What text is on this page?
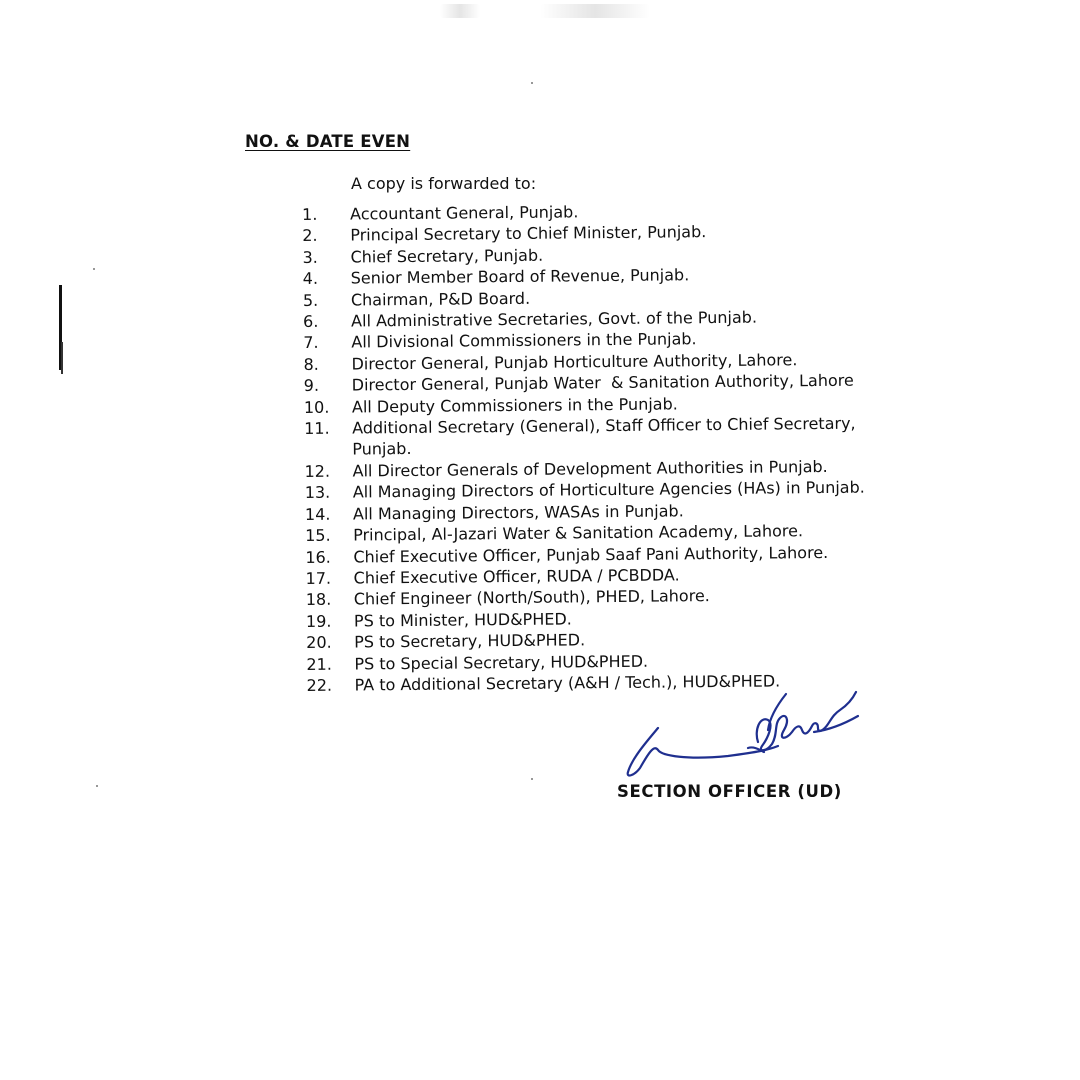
NO. & DATE EVEN
A copy is forwarded to:
1.	Accountant General, Punjab.
2.	Principal Secretary to Chief Minister, Punjab.
3.	Chief Secretary, Punjab.
4.	Senior Member Board of Revenue, Punjab.
5.	Chairman, P&D Board.
6.	All Administrative Secretaries, Govt. of the Punjab.
7.	All Divisional Commissioners in the Punjab.
8.	Director General, Punjab Horticulture Authority, Lahore.
9.	Director General, Punjab Water  & Sanitation Authority, Lahore
10.	All Deputy Commissioners in the Punjab.
11.	Additional Secretary (General), Staff Officer to Chief Secretary, Punjab.
12.	All Director Generals of Development Authorities in Punjab.
13.	All Managing Directors of Horticulture Agencies (HAs) in Punjab.
14.	All Managing Directors, WASAs in Punjab.
15.	Principal, Al-Jazari Water & Sanitation Academy, Lahore.
16.	Chief Executive Officer, Punjab Saaf Pani Authority, Lahore.
17.	Chief Executive Officer, RUDA / PCBDDA.
18.	Chief Engineer (North/South), PHED, Lahore.
19.	PS to Minister, HUD&PHED.
20.	PS to Secretary, HUD&PHED.
21.	PS to Special Secretary, HUD&PHED.
22.	PA to Additional Secretary (A&H / Tech.), HUD&PHED.
SECTION OFFICER (UD)
